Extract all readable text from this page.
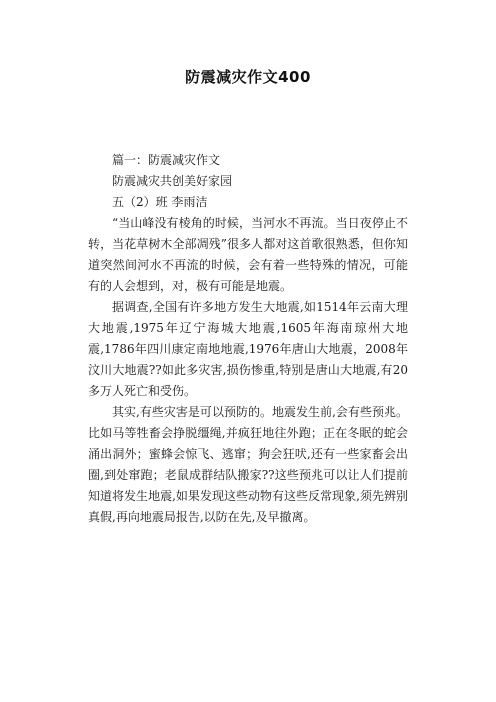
防震减灾作文400

篇一：防震减灾作文

防震减灾共创美好家园

五（2）班 李雨洁

“当山峰没有棱角的时候，当河水不再流。当日夜停止不转，当花草树木全部凋残”很多人都对这首歌很熟悉，但你知道突然间河水不再流的时候，会有着一些特殊的情况，可能有的人会想到，对，极有可能是地震。

据调查,全国有许多地方发生大地震,如1514年云南大理大地震,1975年辽宁海城大地震,1605年海南琼州大地震,1786年四川康定南地地震,1976年唐山大地震，2008年汶川大地震??如此多灾害,损伤惨重,特别是唐山大地震,有20多万人死亡和受伤。

其实,有些灾害是可以预防的。地震发生前,会有些预兆。比如马等牲畜会挣脱缰绳,并疯狂地往外跑；正在冬眠的蛇会涌出洞外；蜜蜂会惊飞、逃窜；狗会狂吠,还有一些家畜会出圈,到处窜跑；老鼠成群结队搬家??这些预兆可以让人们提前知道将发生地震,如果发现这些动物有这些反常现象,须先辨别真假,再向地震局报告,以防在先,及早撤离。
